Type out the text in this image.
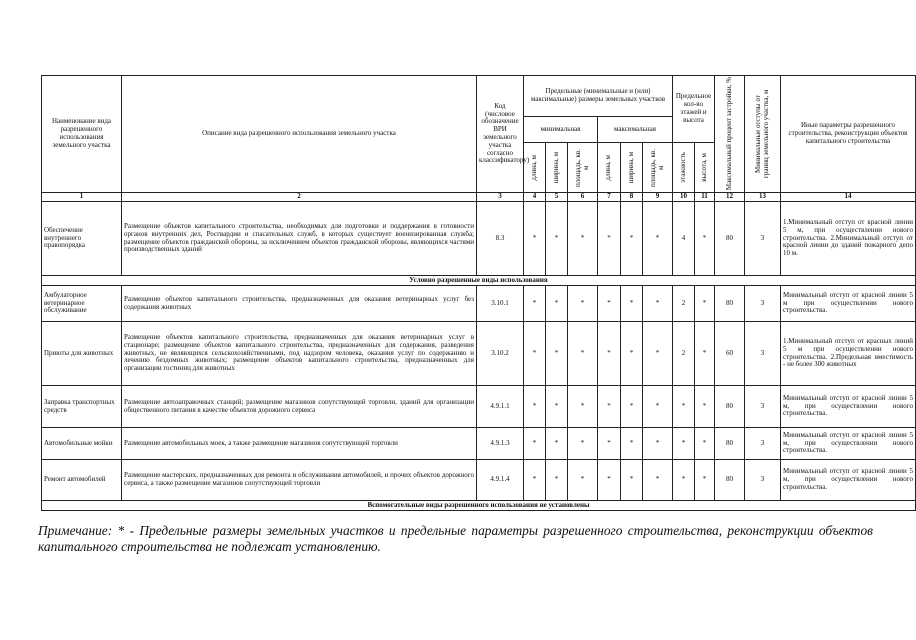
Наименование вида разрешенного использования земельного участка	Описание вида разрешенного использования земельного участка	Код (числовое обозначение ВРИ земельного участка согласно классификатору)	Предельные (минимальные и (или) максимальные) размеры земельных участков						Предельное кол-во этажей и высота		Максимальный процент застройки, %	Минимальные отступы от границ земельного участка, м	Иные параметры разрешенного строительства, реконструкции объектов капитального строительства
			минимальная			максимальная							

			длина, м	ширина, м	площадь, кв. м	длина, м	ширина, м	площадь, кв. м	этажность	высота, м			

1	2	3	4	5	6	7	8	9	10	11	12	13	14
Обеспечение внутреннего правопорядка	Размещение объектов капитального строительства, необходимых для подготовки и поддержания в готовности органов внутренних дел, Росгвардии и спасательных служб, в которых существует военизированная служба; размещение объектов гражданской обороны, за исключением объектов гражданской обороны, являющихся частями производственных зданий	8.3	*	*	*	*	*	*	4	*	80	3	1.Минимальный отступ от красной линии 5 м, при осуществлении нового строительства. 2.Минимальный отступ от красной линии до зданий пожарного депо 10 м.
Условно разрешенные виды использования													
Амбулаторное ветеринарное обслуживание	Размещение объектов капитального строительства, предназначенных для оказания ветеринарных услуг без содержания животных	3.10.1	*	*	*	*	*	*	2	*	80	3	Минимальный отступ от красной линии 5 м при осуществлении нового строительства.
Приюты для животных	Размещение объектов капитального строительства, предназначенных для оказания ветеринарных услуг в стационаре; размещение объектов капитального строительства, предназначенных для содержания, разведения животных, не являющихся сельскохозяйственными, под надзором человека, оказания услуг по содержанию и лечению бездомных животных; размещение объектов капитального строительства, предназначенных для организации гостиниц для животных	3.10.2	*	*	*	*	*	*	2	*	60	3	1.Минимальный отступ от красных линий 5 м при осуществлении нового строительства. 2.Предельная вместимость - не более 300 животных
Заправка транспортных средств	Размещение автозаправочных станций; размещение магазинов сопутствующей торговли, зданий для организации общественного питания в качестве объектов дорожного сервиса	4.9.1.1	*	*	*	*	*	*	*	*	80	3	Минимальный отступ от красной линии 5 м, при осуществлении нового строительства.
Автомобильные мойки	Размещение автомобильных моек, а также размещение магазинов сопутствующей торговли	4.9.1.3	*	*	*	*	*	*	*	*	80	3	Минимальный отступ от красной линии 5 м, при осуществлении нового строительства.
Ремонт автомобилей	Размещение мастерских, предназначенных для ремонта и обслуживания автомобилей, и прочих объектов дорожного сервиса, а также размещение магазинов сопутствующей торговли	4.9.1.4	*	*	*	*	*	*	*	*	80	3	Минимальный отступ от красной линии 5 м, при осуществлении нового строительства.
Вспомогательные виды разрешенного использования не установлены													
Примечание: * - Предельные размеры земельных участков и предельные параметры разрешенного строительства, реконструкции объектов капитального строительства не подлежат установлению.
